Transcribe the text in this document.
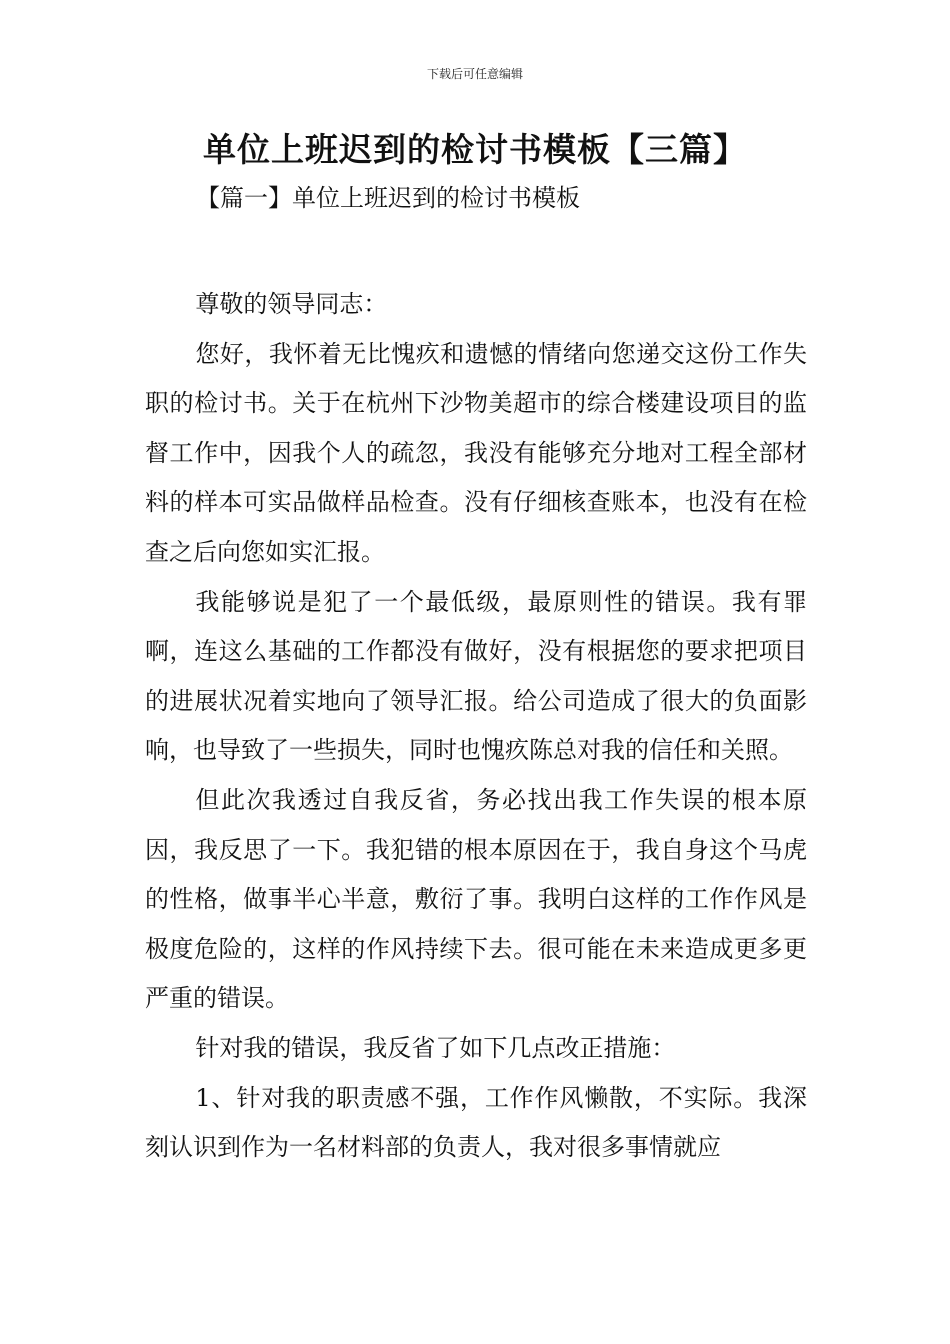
下载后可任意编辑
单位上班迟到的检讨书模板【三篇】
【篇一】单位上班迟到的检讨书模板

尊敬的领导同志：

您好，我怀着无比愧疚和遗憾的情绪向您递交这份工作失职的检讨书。关于在杭州下沙物美超市的综合楼建设项目的监督工作中，因我个人的疏忽，我没有能够充分地对工程全部材料的样本可实品做样品检查。没有仔细核查账本，也没有在检查之后向您如实汇报。

我能够说是犯了一个最低级，最原则性的错误。我有罪啊，连这么基础的工作都没有做好，没有根据您的要求把项目的进展状况着实地向了领导汇报。给公司造成了很大的负面影响，也导致了一些损失，同时也愧疚陈总对我的信任和关照。

但此次我透过自我反省，务必找出我工作失误的根本原因，我反思了一下。我犯错的根本原因在于，我自身这个马虎的性格，做事半心半意，敷衍了事。我明白这样的工作作风是极度危险的，这样的作风持续下去。很可能在未来造成更多更严重的错误。

针对我的错误，我反省了如下几点改正措施：

1、针对我的职责感不强，工作作风懒散，不实际。我深刻认识到作为一名材料部的负责人，我对很多事情就应
